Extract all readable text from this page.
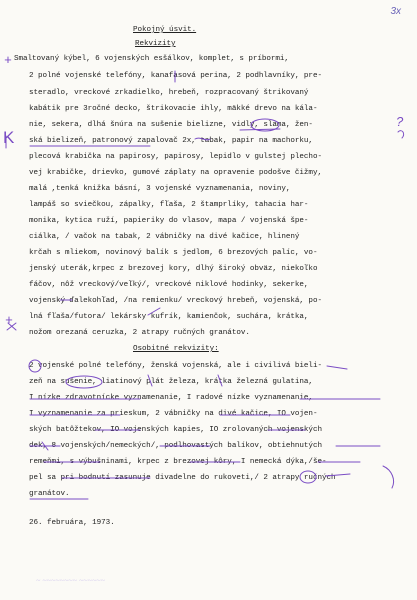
3x
Pokojný úsvit.
Rekvizity
Smaltovaný kýbel, 6 vojenských esšálkov, komplet, s príbormi,
2 polné vojenské telefóny, kanafasová perina, 2 podhlavníky, pre-
steradlo, vreckové zrkadielko, hrebeň, rozpracovaný štrikovaný
kabátik pre 3ročné decko, štrikovacie ihly, mäkké drevo na kála-
nie, sekera, dlhá šnúra na sušenie bielizne, vidly, slama, žen-
ská bielizeň, patronový zapalovač 2x, tabak, papir na machorku,
plecová krabička na papirosy, papirosy, lepidlo v gulstej plecho-
vej krabičke, drievko, gumové záplaty na opravenie podošve čižmy,
malá ,tenká knižka básní, 3 vojenské vyznamenania, noviny,
lampáš so sviečkou, zápalky, fľaša, 2 štamprlíky, tahacia har-
monika, kytica ruží, papieriky do vlasov, mapa / vojenská špe-
ciálka, / vačok na tabak, 2 vábničky na divé kačice, hlinený
krčah s mliekom, novinový balík s jedlom, 6 brezových palíc, vo-
jenský uterák,krpec z brezovej kory, dlhý široký obväz, niekoľko
fáčov, nôž vreckový/veľký/, vreckové niklové hodinky, sekerke,
vojenský ďalekohľad, /na remienku/ vreckový hrebeň, vojenská, po-
lná fľaša/futora/ lekársky kufrík, kamienčok, suchára, krátka,
nožom orezaná ceruzka, 2 atrapy ručných granátov.
Osobitné rekvizity:
2 vojenské polné telefóny, ženská vojenská, ale i civilivá bieli-
zeň na sušenie, liatinový plát železa, krátka železná gulatina,
I nízke zdravotnícke vyznamenanie, I radové nízke vyznamenanie,
I vyznamenanie za prieskum, 2 vábničky na divé kačice, IO vojen-
ských batôžtekov, IO vojenských kapies, IO zrolovaných vojenských
dek, 8 vojenských/nemeckých/, podlhovastých balíkov, obtiehnutých
remeňmi, s výbušninami, krpec z brezovej kôry, I nemecká dýka,/še-
pel sa pri bodnutí zasunuje divadelne do rukoveti,/ 2 atrapy ručných
granátov.
26. februára, 1973.
~ ~~~~~~~~ ~~~~~~
+
K
?
+
